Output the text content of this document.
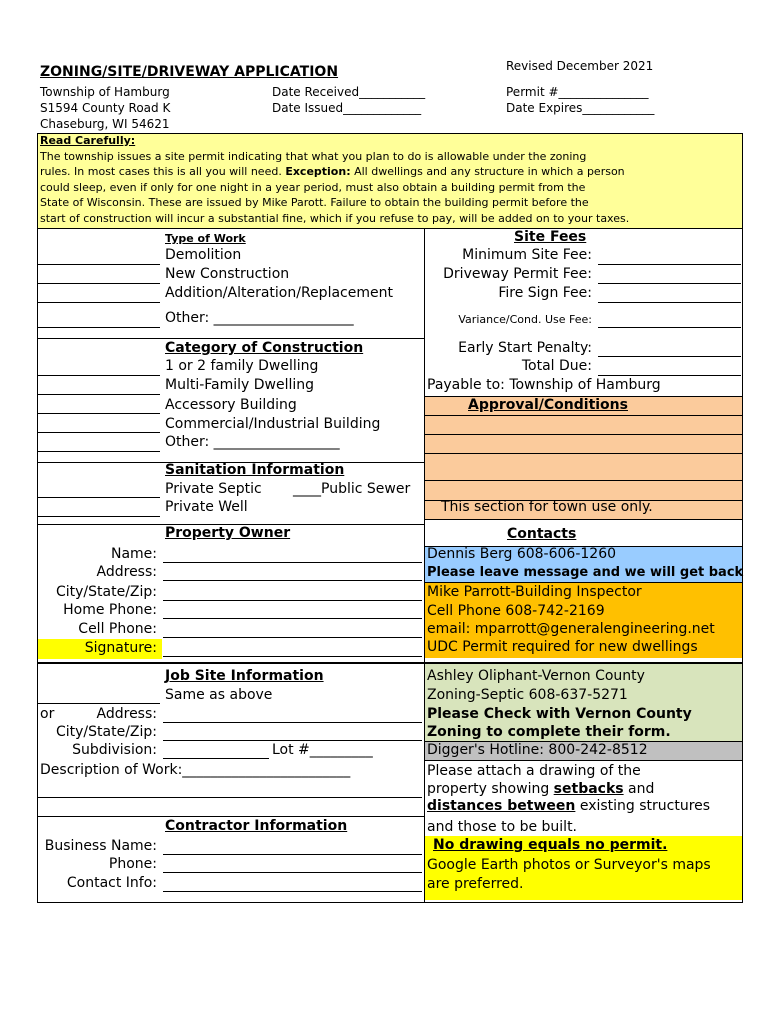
ZONING/SITE/DRIVEWAY APPLICATION	Revised December 2021
Township of Hamburg
S1594 County Road K
Chaseburg, WI 54621
Date Received___________
Date Issued_____________
Permit #_______________
Date Expires____________
Read Carefully:
The township issues a site permit indicating that what you plan to do is allowable under the zoning
rules. In most cases this is all you will need. Exception: All dwellings and any structure in which a person
could sleep, even if only for one night in a year period, must also obtain a building permit from the
State of Wisconsin. These are issued by Mike Parott. Failure to obtain the building permit before the
start of construction will incur a substantial fine, which if you refuse to pay, will be added on to your taxes.
Type of Work
Demolition
New Construction
Addition/Alteration/Replacement
Other: ____________________
Site Fees
Minimum Site Fee:
Driveway Permit Fee:
Fire Sign Fee:
Variance/Cond. Use Fee:
Early Start Penalty:
Total Due:
Payable to: Township of Hamburg
Category of Construction
1 or 2 family Dwelling
Multi-Family Dwelling
Accessory Building
Commercial/Industrial Building
Other: __________________
Approval/Conditions
This section for town use only.
Sanitation Information
Private Septic ____Public Sewer
Private Well
Property Owner
Name:
Address:
City/State/Zip:
Home Phone:
Cell Phone:
Signature:
Contacts
Dennis Berg 608-606-1260
Please leave message and we will get back
Mike Parrott-Building Inspector
Cell Phone 608-742-2169
email: mparrott@generalengineering.net
UDC Permit required for new dwellings
Ashley Oliphant-Vernon County
Zoning-Septic 608-637-5271
Please Check with Vernon County
Zoning to complete their form.
Digger's Hotline: 800-242-8512
Please attach a drawing of the
property showing setbacks and
distances between existing structures
and those to be built.
No drawing equals no permit.
Google Earth photos or Surveyor's maps
are preferred.
Job Site Information
Same as above
or	Address:
City/State/Zip:
Subdivision:	Lot #_________
Description of Work:________________________
Contractor Information
Business Name:
Phone:
Contact Info:
